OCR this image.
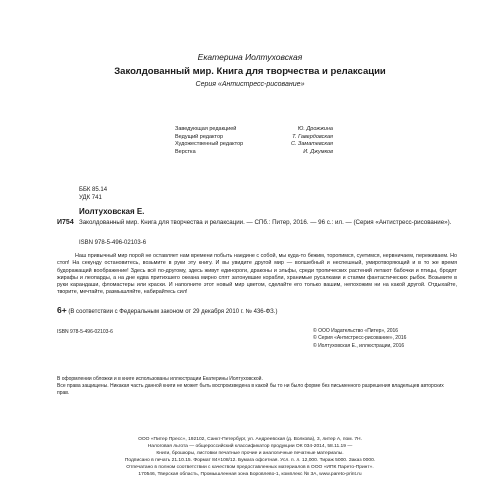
Екатерина Иолтуховская
Заколдованный мир. Книга для творчества и релаксации
Серия «Антистресс-рисование»
Заведующая редакцией	Ю. Дрожжина
Ведущий редактор	Т. Гавердовская
Художественный редактор	С. Заматевская
Верстка	И. Джумков
ББК 85.14
УДК 741
Иолтуховская Е.
И754 Заколдованный мир. Книга для творчества и релаксации. — СПб.: Питер, 2016. — 96 с.: ил. — (Серия «Антистресс-рисование»).
ISBN 978-5-496-02103-6
Наш привычный мир порой не оставляет нам времени побыть наедине с собой, мы куда-то бежим, торопимся, суетимся, нервничаем, переживаем. Но стоп! На секунду остановитесь, возьмите в руки эту книгу. И вы увидите другой мир — волшебный и неспешный, умиротворяющий и в то же время будоражащий воображение! Здесь всё по-другому, здесь живут единороги, драконы и эльфы, среди тропических растений летают бабочки и птицы, бродят жирафы и леопарды, а на дне едва притихшего океана мирно спят затонувшие корабли, хранимые русалками и стаями фантастических рыбок. Возьмите в руки карандаши, фломастеры или краски. И наполните этот новый мир цветом, сделайте его только вашим, непохожим ни на какой другой. Отдыхайте, творите, мечтайте, размышляйте, набирайтесь сил!
6+ (В соответствии с Федеральным законом от 29 декабря 2010 г. № 436-ФЗ.)
ISBN 978-5-496-02103-6	© ООО Издательство «Питер», 2016
© Серия «Антистресс-рисование», 2016
© Иолтуховская Е., иллюстрации, 2016

В оформлении обложки и в книге использованы иллюстрации Екатерины Иолтуховской.

Все права защищены. Никакая часть данной книги не может быть воспроизведена в какой бы то ни было форме без письменного разрешения владельцев авторских прав.

ООО «Питер Пресс», 192102, Санкт-Петербург, ул. Андреевская (д. Волкова), 3, литер А, пом. 7Н.
Налоговая льгота — общероссийский классификатор продукции ОК 034-2014, 58.11.19 —
Книги, брошюры, листовки печатные прочие и аналогичные печатные материалы.
Подписано в печать 21.10.15. Формат 84×108/12. Бумага офсетная. Усл. п. л. 12,000. Тираж 5000. Заказ 0000.
Отпечатано в полном соответствии с качеством предоставленных материалов в ООО «ИПК Парето-Принт».
170546, Тверская область, Промышленная зона Боровлево-1, комплекс № 3А, www.pareto-print.ru
